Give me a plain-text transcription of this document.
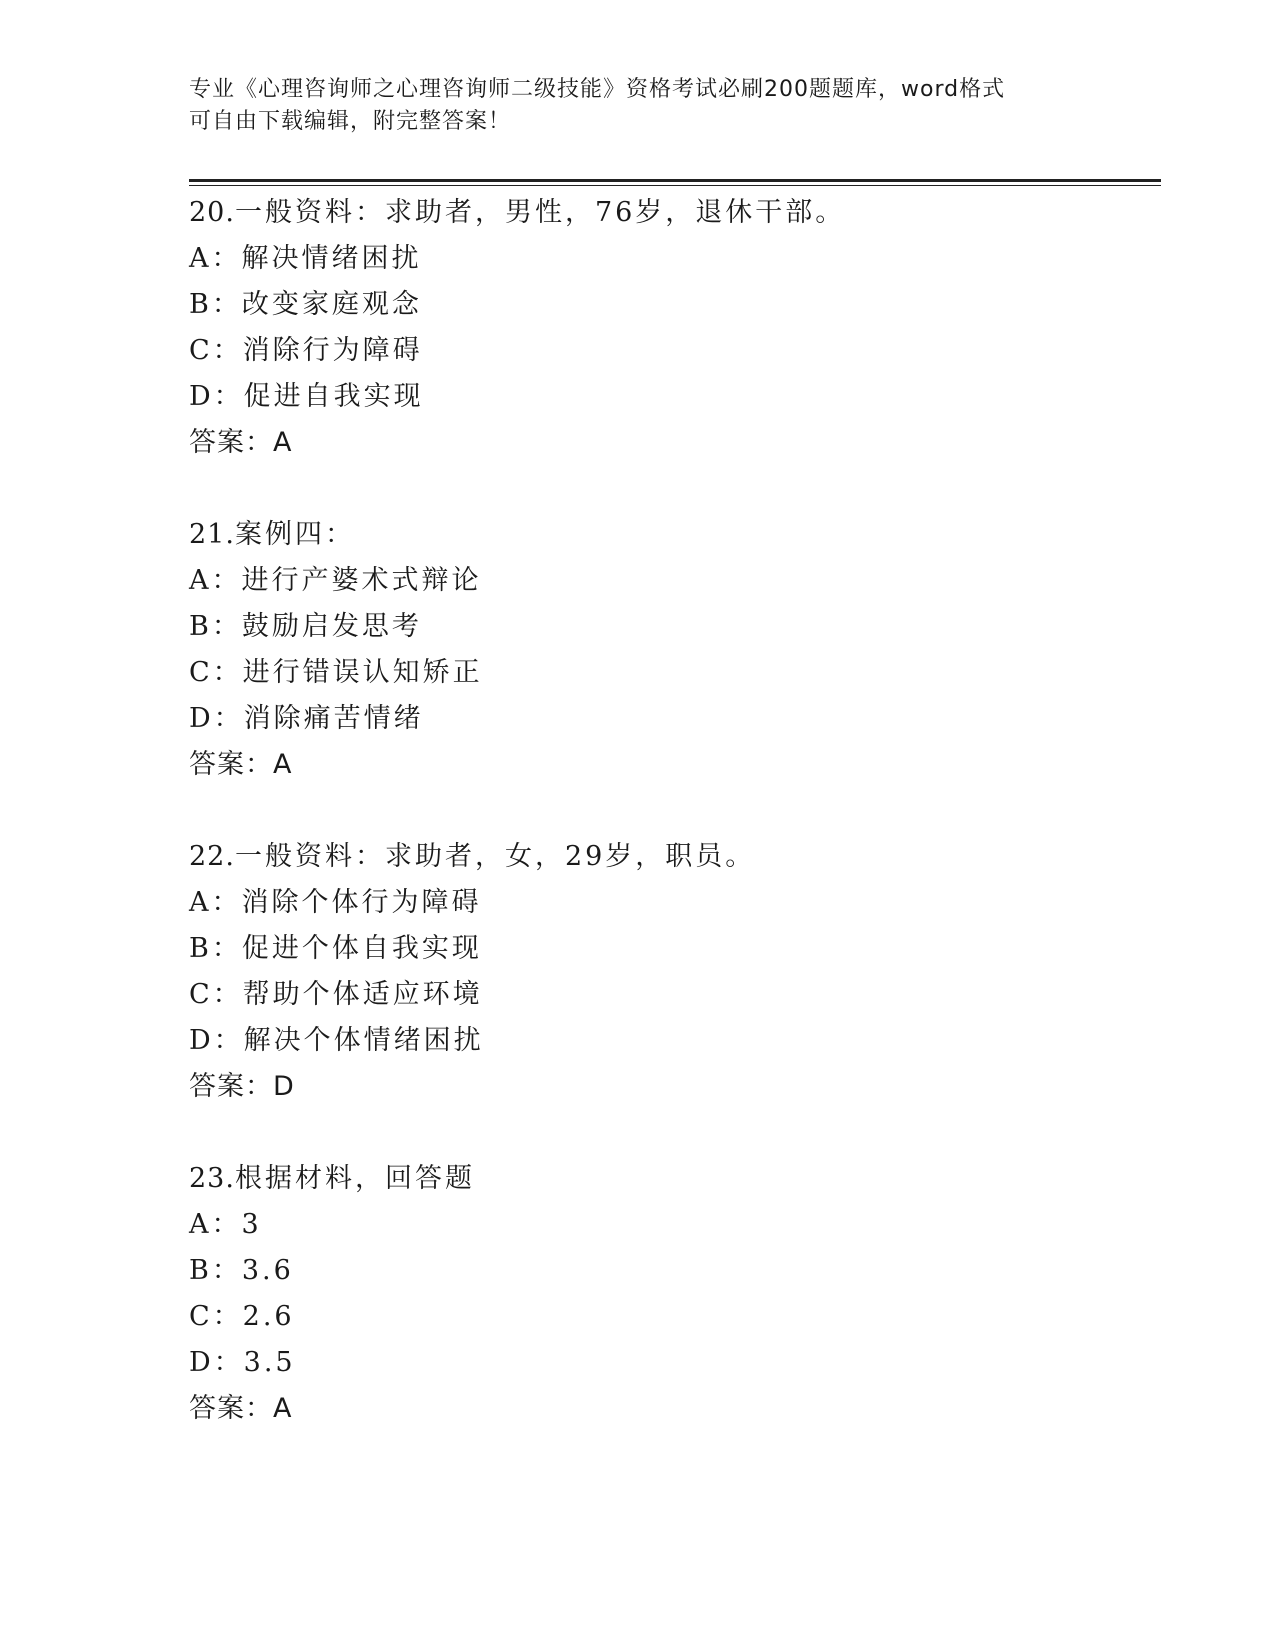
专业《心理咨询师之心理咨询师二级技能》资格考试必刷200题题库，word格式
可自由下载编辑，附完整答案！
20.一般资料：求助者，男性，76岁，退休干部。
A：解决情绪困扰
B：改变家庭观念
C：消除行为障碍
D：促进自我实现
答案：A
21.案例四：
A：进行产婆术式辩论
B：鼓励启发思考
C：进行错误认知矫正
D：消除痛苦情绪
答案：A
22.一般资料：求助者，女，29岁，职员。
A：消除个体行为障碍
B：促进个体自我实现
C：帮助个体适应环境
D：解决个体情绪困扰
答案：D
23.根据材料，回答题
A：3
B：3.6
C：2.6
D：3.5
答案：A
